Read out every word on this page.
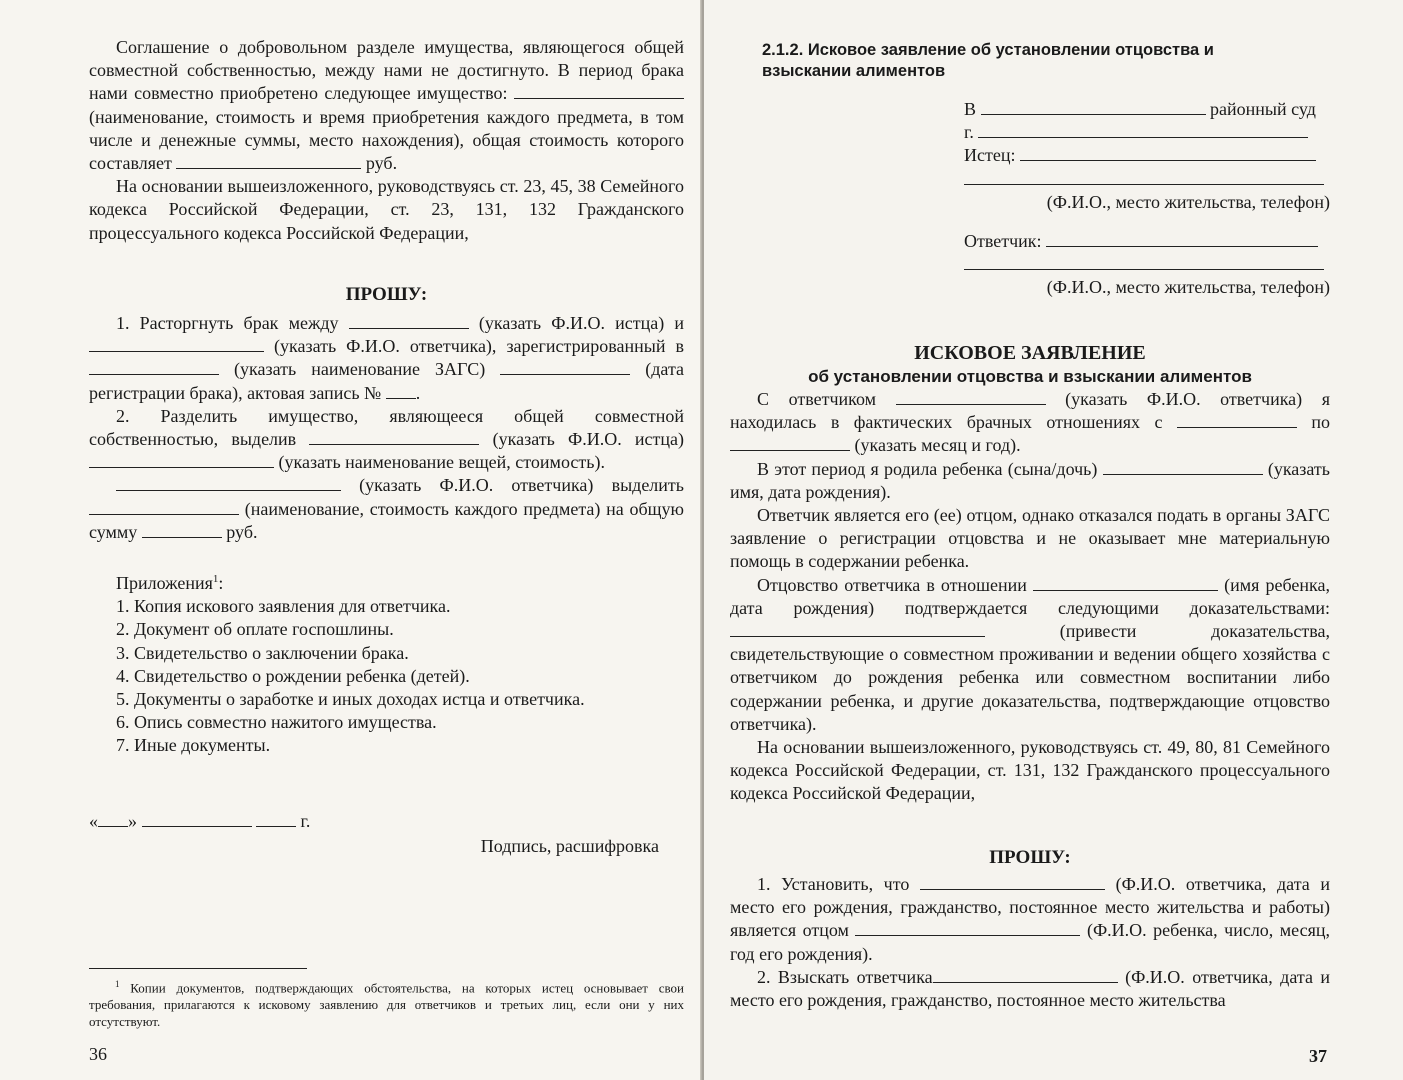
Соглашение о добровольном разделе имущества, являющегося общей совместной собственностью, между нами не достигнуто. В период брака нами совместно приобретено следующее имущество:  (наименование, стоимость и время приобретения каждого предмета, в том числе и денежные суммы, место нахождения), общая стоимость которого составляет	руб.

На основании вышеизложенного, руководствуясь ст. 23, 45, 38 Семейного кодекса Российской Федерации, ст. 23, 131, 132 Гражданского процессуального кодекса Российской Федерации,

ПРОШУ:

1. Расторгнуть брак между	(указать Ф.И.О. истца) и  (указать Ф.И.О. ответчика), зарегистрированный в  (указать наименование ЗАГС)	(дата регистрации брака), актовая запись № .

2. Разделить имущество, являющееся общей совместной собственностью, выделив	(указать Ф.И.О. истца)  (указать наименование вещей, стоимость).

(указать Ф.И.О. ответчика) выделить  (наименование, стоимость каждого предмета) на общую сумму	руб.

Приложения$^1$:

1. Копия искового заявления для ответчика.

2. Документ об оплате госпошлины.

3. Свидетельство о заключении брака.

4. Свидетельство о рождении ребенка (детей).

5. Документы о заработке и иных доходах истца и ответчика.

6. Опись совместно нажитого имущества.

7. Иные документы.

« »	г.

Подпись, расшифровка

$^1$ Копии документов, подтверждающих обстоятельства, на которых истец основывает свои требования, прилагаются к исковому заявлению для ответчиков и третьих лиц, если они у них отсутствуют.

36

2.1.2. Исковое заявление об установлении отцовства и взыскании алиментов

В	районный суд

г.

Истец:

(Ф.И.О., место жительства, телефон)

Ответчик:

(Ф.И.О., место жительства, телефон)

ИСКОВОЕ ЗАЯВЛЕНИЕ

об установлении отцовства и взыскании алиментов

С ответчиком	(указать Ф.И.О. ответчика) я находилась в фактических брачных отношениях с	по  (указать месяц и год).

В этот период я родила ребенка (сына/дочь)	(указать имя, дата рождения).

Ответчик является его (ее) отцом, однако отказался подать в органы ЗАГС заявление о регистрации отцовства и не оказывает мне материальную помощь в содержании ребенка.

Отцовство ответчика в отношении	(имя ребенка, дата рождения) подтверждается следующими доказательствами:  (привести доказательства, свидетельствующие о совместном проживании и ведении общего хозяйства с ответчиком до рождения ребенка или совместном воспитании либо содержании ребенка, и другие доказательства, подтверждающие отцовство ответчика).

На основании вышеизложенного, руководствуясь ст. 49, 80, 81 Семейного кодекса Российской Федерации, ст. 131, 132 Гражданского процессуального кодекса Российской Федерации,

ПРОШУ:

1. Установить, что	(Ф.И.О. ответчика, дата и место его рождения, гражданство, постоянное место жительства и работы) является отцом	(Ф.И.О. ребенка, число, месяц, год его рождения).

2. Взыскать ответчика	(Ф.И.О. ответчика, дата и место его рождения, гражданство, постоянное место жительства

37
